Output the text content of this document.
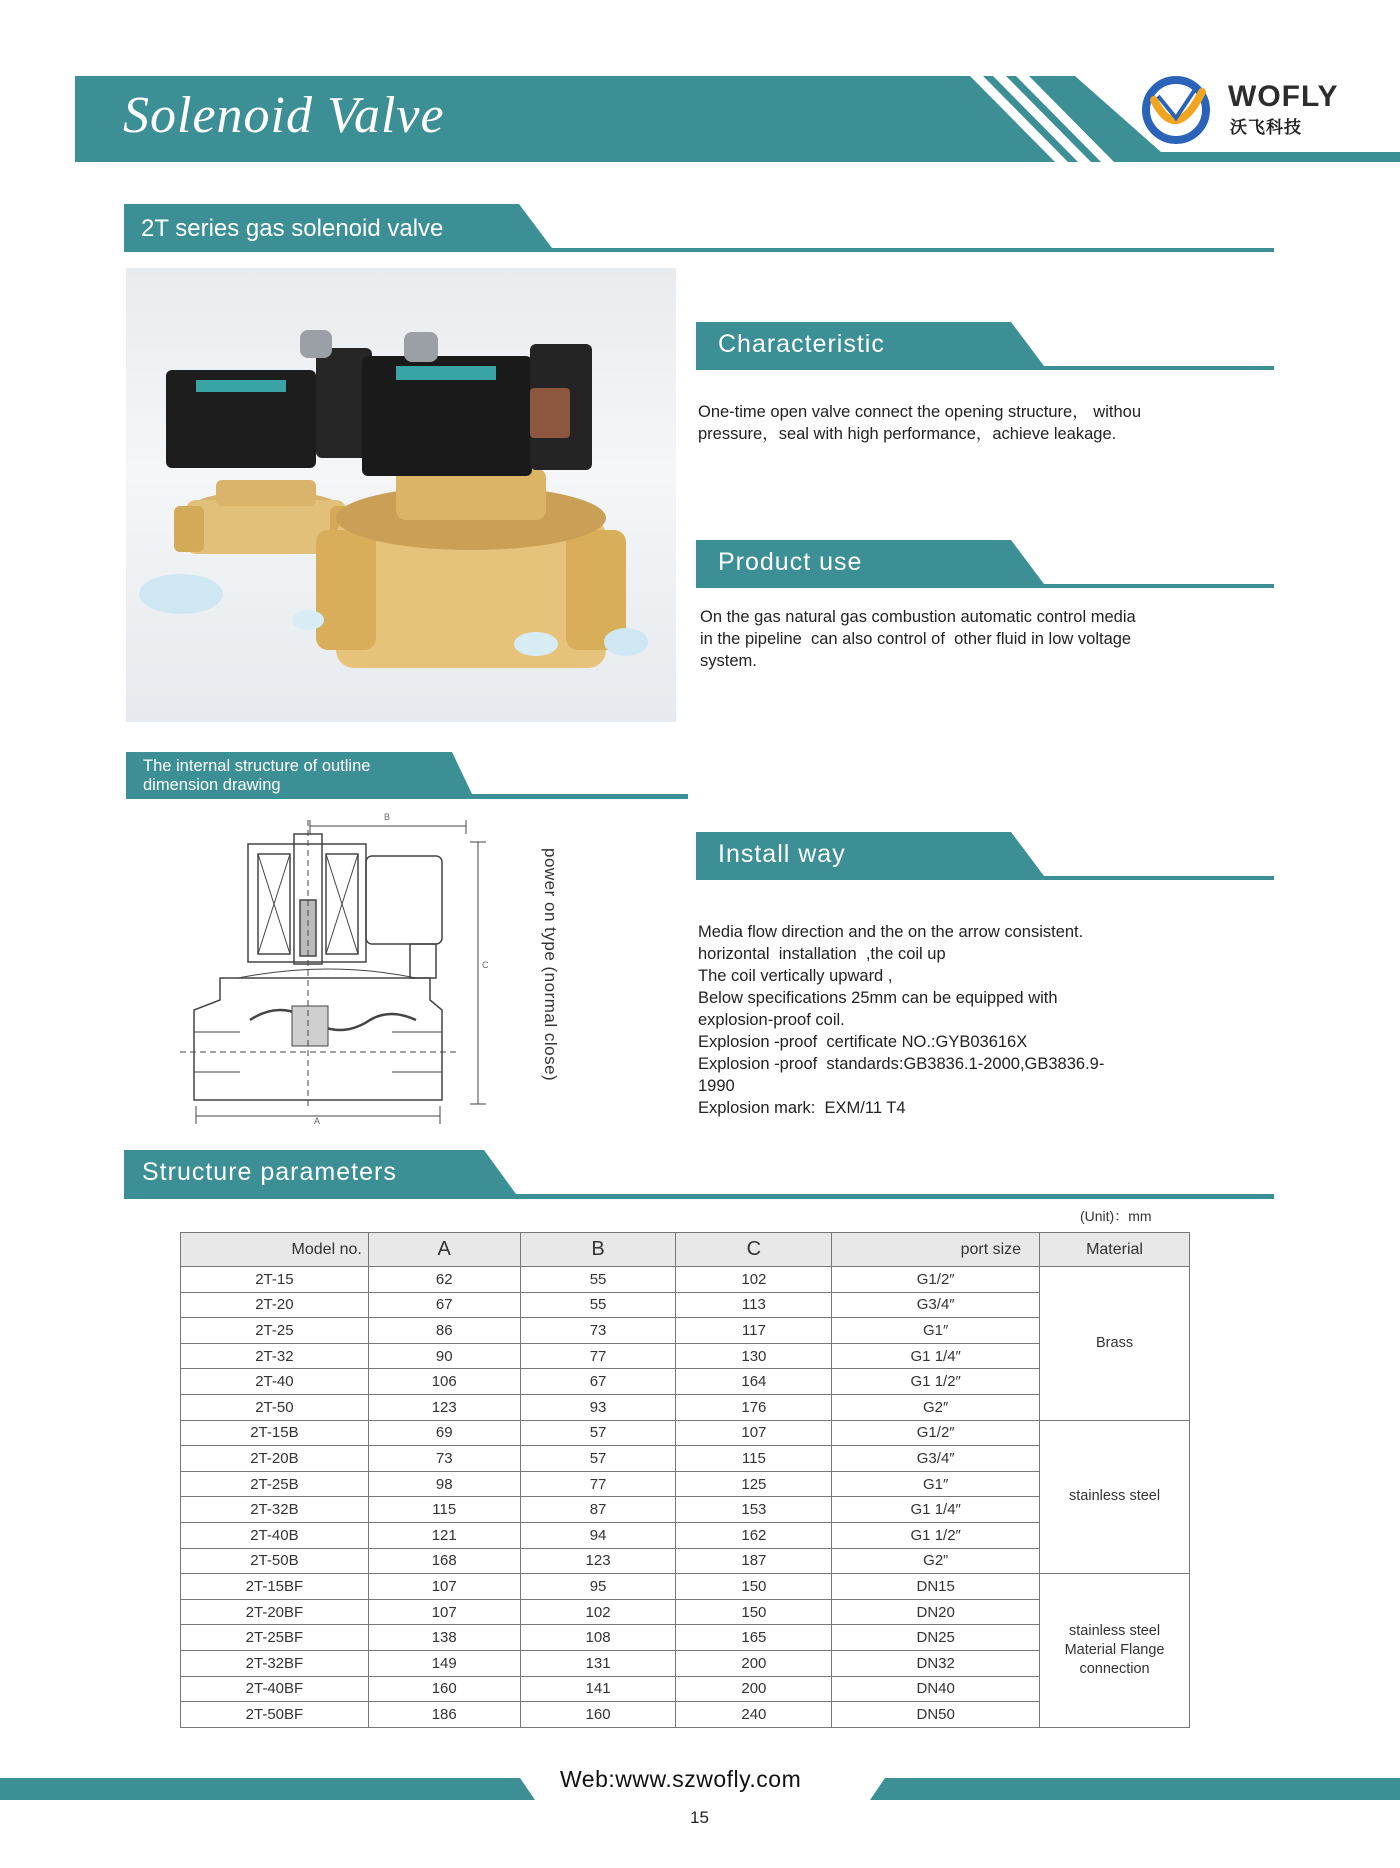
Solenoid Valve	WOFLY
沃飞科技
2T series gas solenoid valve
Characteristic
One-time open valve connect the opening structure， withou
pressure，seal with high performance，achieve leakage.
Product use
On the gas natural gas combustion automatic control media
in the pipeline  can also control of  other fluid in low voltage
system.
The internal structure of outline
dimension drawing
B
C
A
power on type (normal close)	Install way
Media flow direction and the on the arrow consistent.
horizontal  installation  ,the coil up
The coil vertically upward ,
Below specifications 25mm can be equipped with
explosion-proof coil.
Explosion -proof  certificate NO.:GYB03616X
Explosion -proof  standards:GB3836.1-2000,GB3836.9-
1990
Explosion mark:  EXM/11 T4
Structure parameters
(Unit)：mm
Model no.	A	B	C	port size	Material
2T-15	62	55	102	G1/2″	Brass

2T-20	67	55	113	G3/4″	
2T-25	86	73	117	G1″	
2T-32	90	77	130	G1 1/4″	
2T-40	106	67	164	G1 1/2″	
2T-50	123	93	176	G2″	
2T-15B	69	57	107	G1/2″	stainless steel

2T-20B	73	57	115	G3/4″	
2T-25B	98	77	125	G1″	
2T-32B	115	87	153	G1 1/4″	
2T-40B	121	94	162	G1 1/2″	
2T-50B	168	123	187	G2”	
2T-15BF	107	95	150	DN15	stainless steel
Material Flange
connection

2T-20BF	107	102	150	DN20	
2T-25BF	138	108	165	DN25	
2T-32BF	149	131	200	DN32	
2T-40BF	160	141	200	DN40	
2T-50BF	186	160	240	DN50	
Web:www.szwofly.com
15
